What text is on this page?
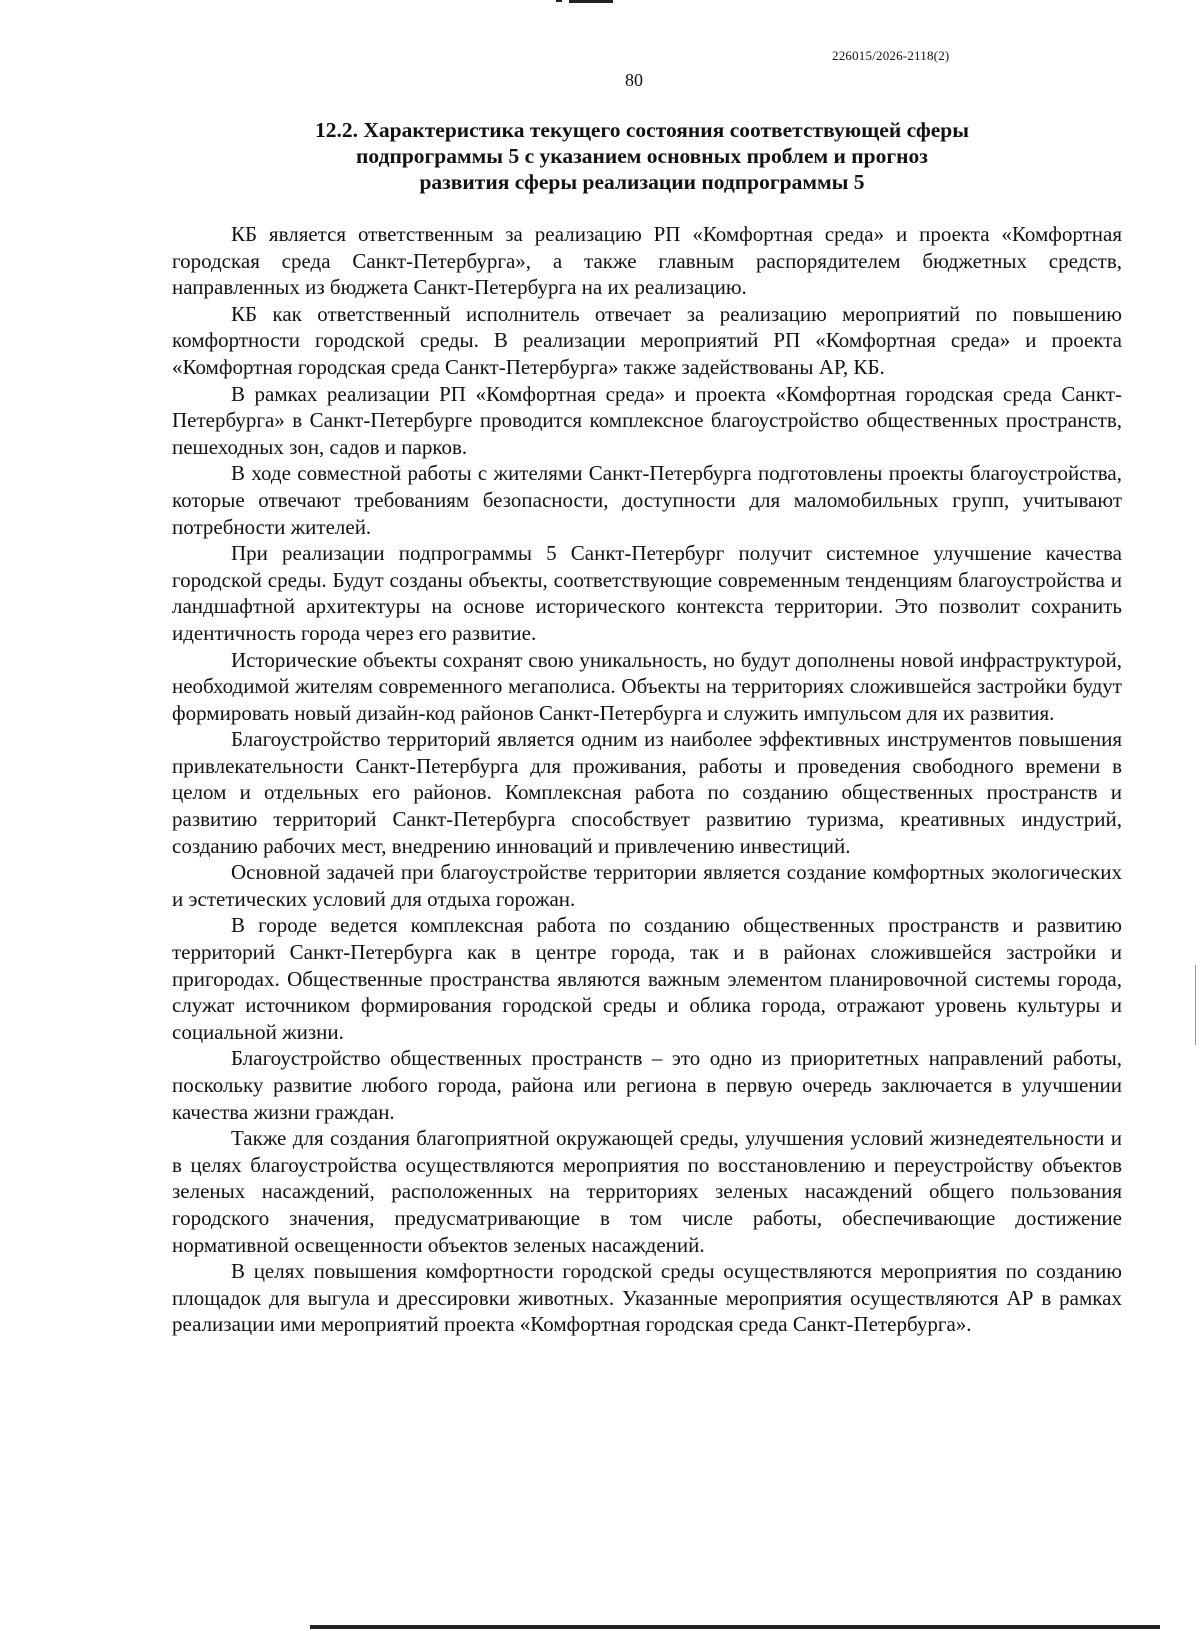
226015/2026-2118(2)
80
12.2. Характеристика текущего состояния соответствующей сферы
подпрограммы 5 с указанием основных проблем и прогноз
развития сферы реализации подпрограммы 5

КБ является ответственным за реализацию РП «Комфортная среда» и проекта «Комфортная городская среда Санкт-Петербурга», а также главным распорядителем бюджетных средств, направленных из бюджета Санкт-Петербурга на их реализацию.

КБ как ответственный исполнитель отвечает за реализацию мероприятий по повышению комфортности городской среды. В реализации мероприятий РП «Комфортная среда» и проекта «Комфортная городская среда Санкт-Петербурга» также задействованы АР, КБ.

В рамках реализации РП «Комфортная среда» и проекта «Комфортная городская среда Санкт-Петербурга» в Санкт-Петербурге проводится комплексное благоустройство общественных пространств, пешеходных зон, садов и парков.

В ходе совместной работы с жителями Санкт-Петербурга подготовлены проекты благоустройства, которые отвечают требованиям безопасности, доступности для маломобильных групп, учитывают потребности жителей.

При реализации подпрограммы 5 Санкт-Петербург получит системное улучшение качества городской среды. Будут созданы объекты, соответствующие современным тенденциям благоустройства и ландшафтной архитектуры на основе исторического контекста территории. Это позволит сохранить идентичность города через его развитие.

Исторические объекты сохранят свою уникальность, но будут дополнены новой инфраструктурой, необходимой жителям современного мегаполиса. Объекты на территориях сложившейся застройки будут формировать новый дизайн-код районов Санкт-Петербурга и служить импульсом для их развития.

Благоустройство территорий является одним из наиболее эффективных инструментов повышения привлекательности Санкт-Петербурга для проживания, работы и проведения свободного времени в целом и отдельных его районов. Комплексная работа по созданию общественных пространств и развитию территорий Санкт-Петербурга способствует развитию туризма, креативных индустрий, созданию рабочих мест, внедрению инноваций и привлечению инвестиций.

Основной задачей при благоустройстве территории является создание комфортных экологических и эстетических условий для отдыха горожан.

В городе ведется комплексная работа по созданию общественных пространств и развитию территорий Санкт-Петербурга как в центре города, так и в районах сложившейся застройки и пригородах. Общественные пространства являются важным элементом планировочной системы города, служат источником формирования городской среды и облика города, отражают уровень культуры и социальной жизни.

Благоустройство общественных пространств – это одно из приоритетных направлений работы, поскольку развитие любого города, района или региона в первую очередь заключается в улучшении качества жизни граждан.

Также для создания благоприятной окружающей среды, улучшения условий жизнедеятельности и в целях благоустройства осуществляются мероприятия по восстановлению и переустройству объектов зеленых насаждений, расположенных на территориях зеленых насаждений общего пользования городского значения, предусматривающие в том числе работы, обеспечивающие достижение нормативной освещенности объектов зеленых насаждений.

В целях повышения комфортности городской среды осуществляются мероприятия по созданию площадок для выгула и дрессировки животных. Указанные мероприятия осуществляются АР в рамках реализации ими мероприятий проекта «Комфортная городская среда Санкт-Петербурга».
